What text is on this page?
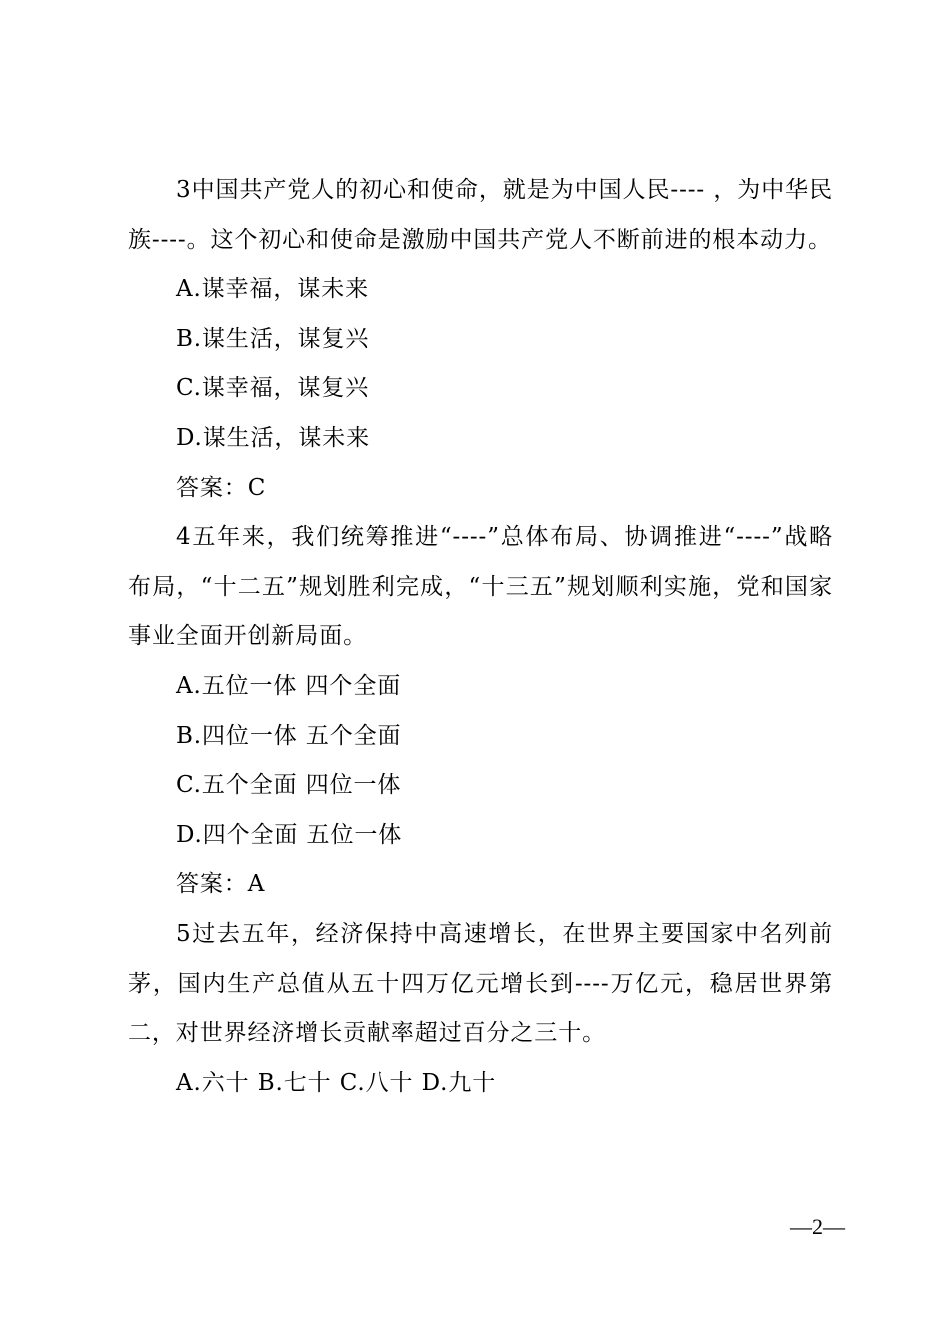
3中国共产党人的初心和使命，就是为中国人民---- ，为中华民族----。这个初心和使命是激励中国共产党人不断前进的根本动力。

A.谋幸福，谋未来

B.谋生活，谋复兴

C.谋幸福，谋复兴

D.谋生活，谋未来

答案：C

4五年来，我们统筹推进“----”总体布局、协调推进“----”战略布局，“十二五”规划胜利完成，“十三五”规划顺利实施，党和国家事业全面开创新局面。

A.五位一体 四个全面

B.四位一体 五个全面

C.五个全面 四位一体

D.四个全面 五位一体

答案：A

5过去五年，经济保持中高速增长，在世界主要国家中名列前茅，国内生产总值从五十四万亿元增长到----万亿元，稳居世界第二，对世界经济增长贡献率超过百分之三十。

A.六十 B.七十 C.八十 D.九十

—2—
